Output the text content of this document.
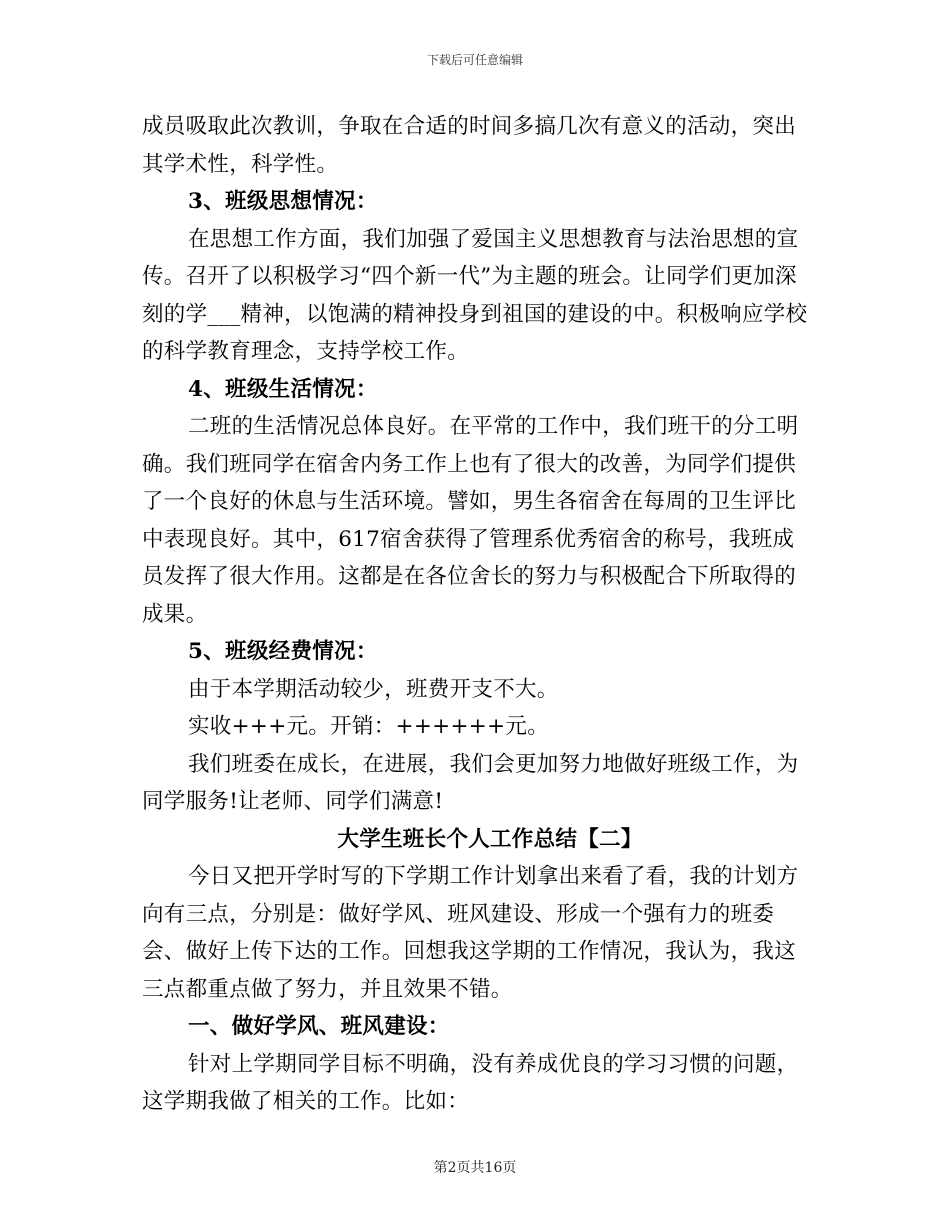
下载后可任意编辑

成员吸取此次教训，争取在合适的时间多搞几次有意义的活动，突出其学术性，科学性。

3、班级思想情况：

在思想工作方面，我们加强了爱国主义思想教育与法治思想的宣传。召开了以积极学习“四个新一代”为主题的班会。让同学们更加深刻的学___精神，以饱满的精神投身到祖国的建设的中。积极响应学校的科学教育理念，支持学校工作。

4、班级生活情况：

二班的生活情况总体良好。在平常的工作中，我们班干的分工明确。我们班同学在宿舍内务工作上也有了很大的改善，为同学们提供了一个良好的休息与生活环境。譬如，男生各宿舍在每周的卫生评比中表现良好。其中，617宿舍获得了管理系优秀宿舍的称号，我班成员发挥了很大作用。这都是在各位舍长的努力与积极配合下所取得的成果。

5、班级经费情况：

由于本学期活动较少，班费开支不大。

实收+++元。开销：++++++元。

我们班委在成长，在进展，我们会更加努力地做好班级工作，为同学服务!让老师、同学们满意!

大学生班长个人工作总结【二】

今日又把开学时写的下学期工作计划拿出来看了看，我的计划方向有三点，分别是：做好学风、班风建设、形成一个强有力的班委会、做好上传下达的工作。回想我这学期的工作情况，我认为，我这三点都重点做了努力，并且效果不错。

一、做好学风、班风建设：

针对上学期同学目标不明确，没有养成优良的学习习惯的问题，这学期我做了相关的工作。比如：

第2页共16页
